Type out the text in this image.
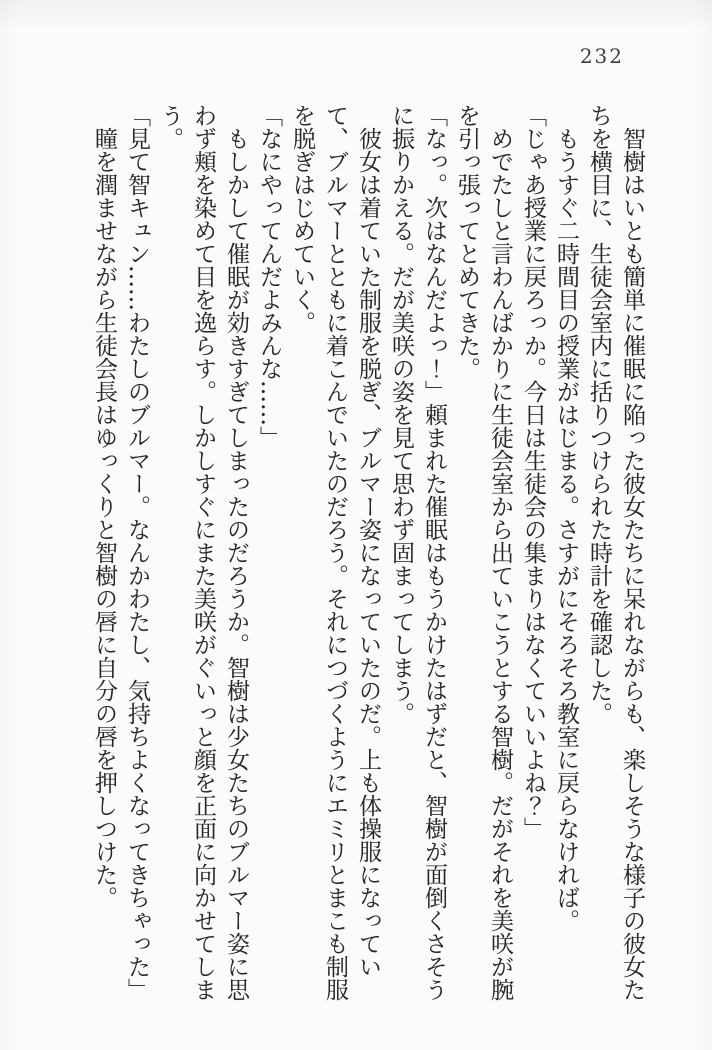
232

智樹はいとも簡単に催眠に陥った彼女たちに呆れながらも、楽しそうな様子の彼女たちを横目に、生徒会室内に括りつけられた時計を確認した。

もうすぐ二時間目の授業がはじまる。さすがにそろそろ教室に戻らなければ。

「じゃあ授業に戻ろっか。今日は生徒会の集まりはなくていいよね？」

めでたしと言わんばかりに生徒会室から出ていこうとする智樹。だがそれを美咲が腕を引っ張ってとめてきた。

「なっ。次はなんだよっ！」頼まれた催眠はもうかけたはずだと、智樹が面倒くさそうに振りかえる。だが美咲の姿を見て思わず固まってしまう。

彼女は着ていた制服を脱ぎ、ブルマー姿になっていたのだ。上も体操服になっていて、ブルマーとともに着こんでいたのだろう。それにつづくようにエミリとまこも制服を脱ぎはじめていく。

「なにやってんだよみんな……」

もしかして催眠が効きすぎてしまったのだろうか。智樹は少女たちのブルマー姿に思わず頬を染めて目を逸らす。しかしすぐにまた美咲がぐいっと顔を正面に向かせてしまう。

「見て智キュン……わたしのブルマー。なんかわたし、気持ちよくなってきちゃった」

瞳を潤ませながら生徒会長はゆっくりと智樹の唇に自分の唇を押しつけた。
